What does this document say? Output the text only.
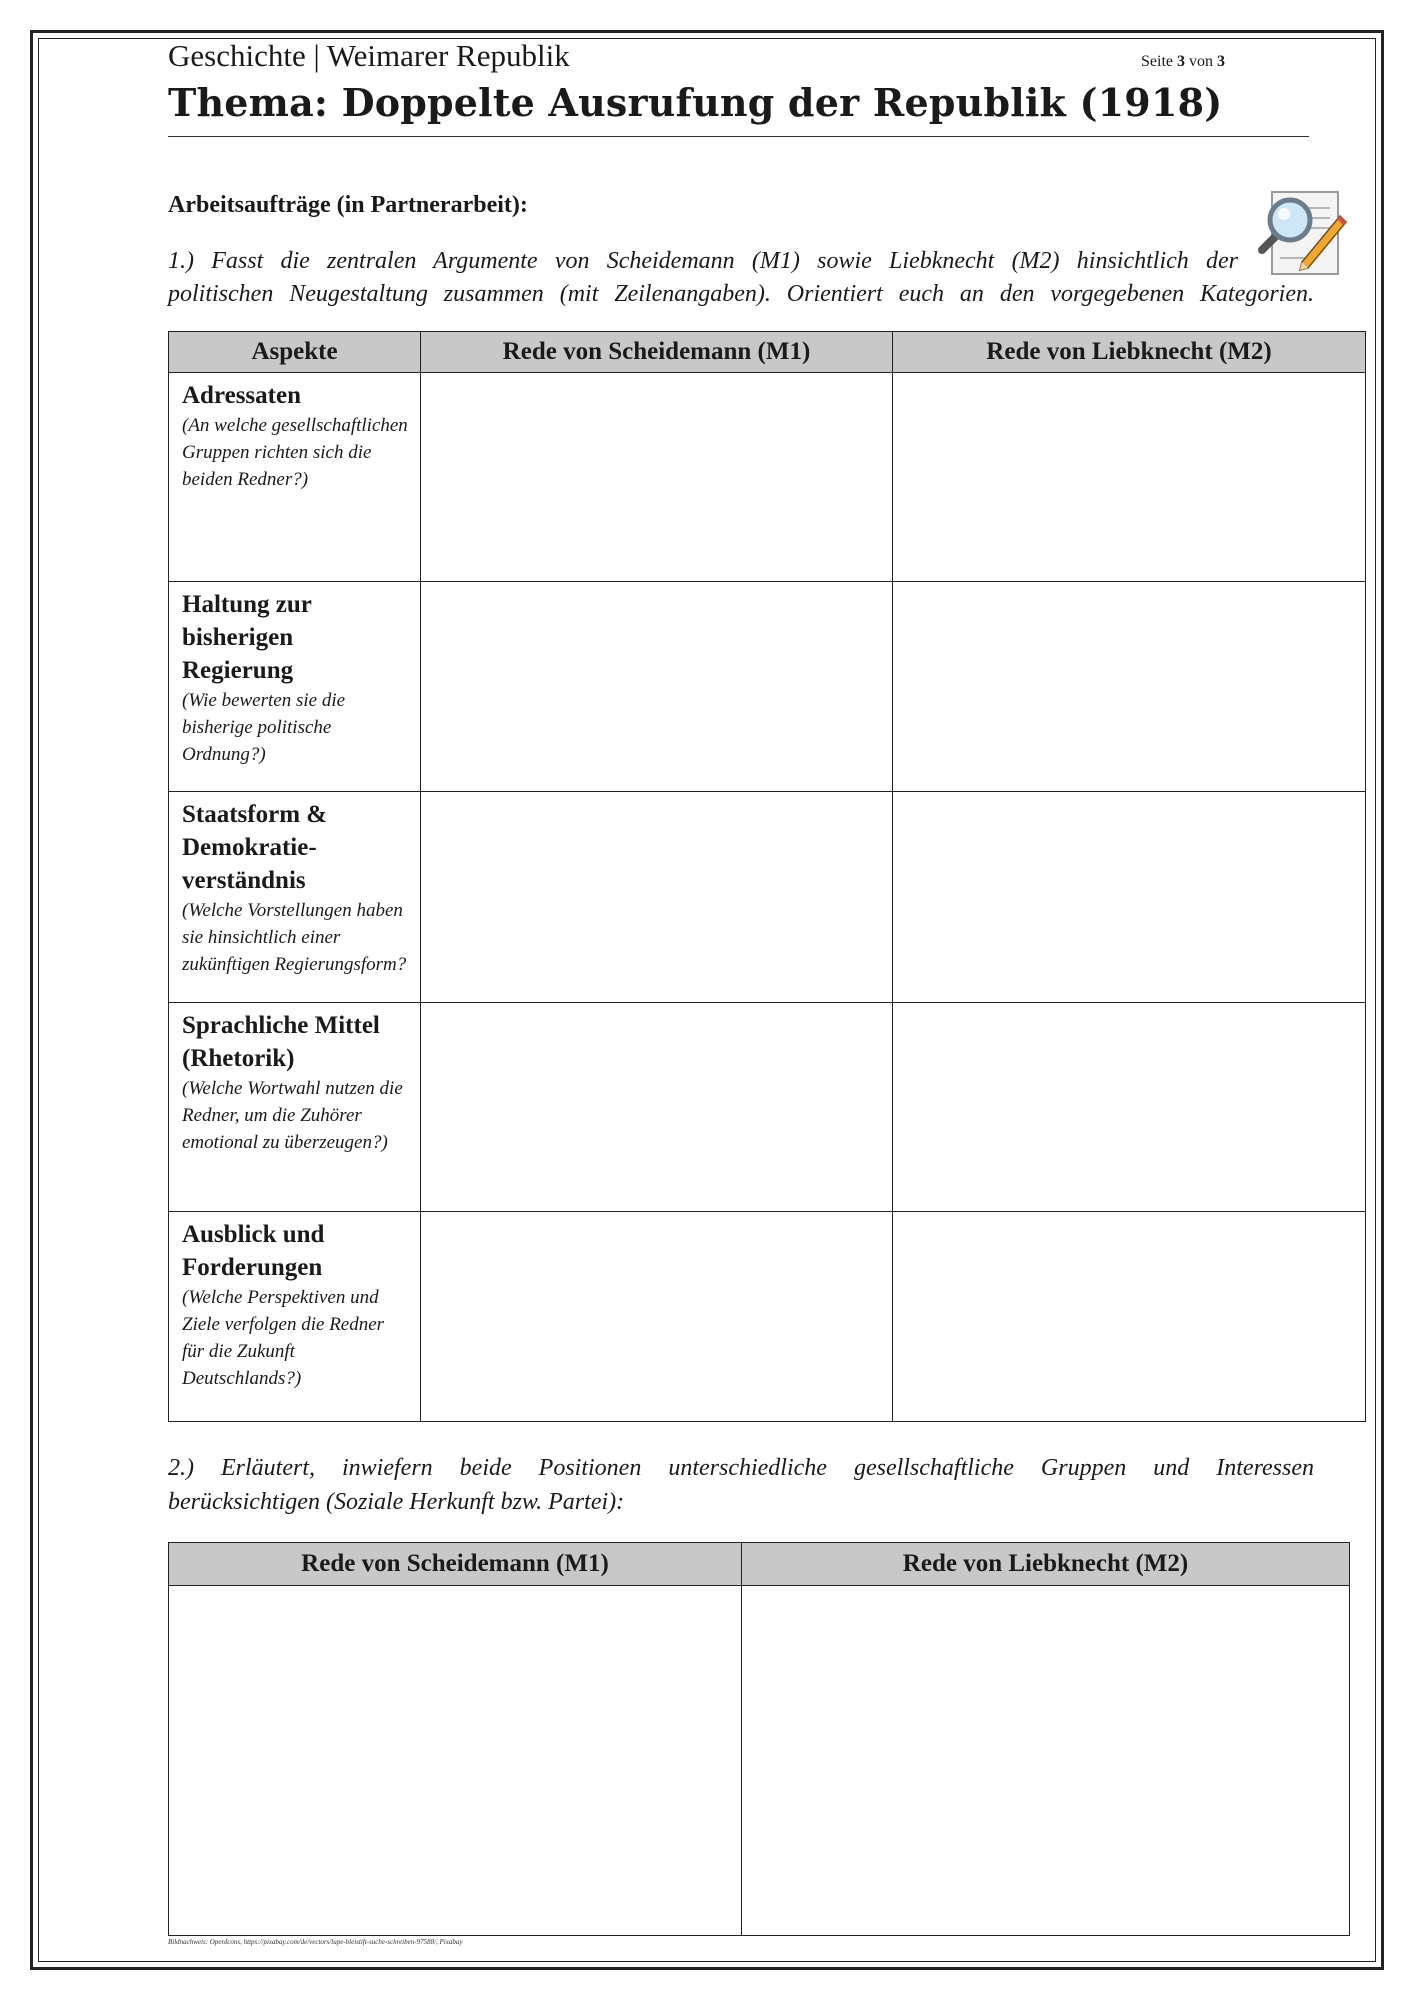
Geschichte | Weimarer Republik	Seite 3 von 3
Thema: Doppelte Ausrufung der Republik (1918)
Arbeitsaufträge (in Partnerarbeit):
1.) Fasst die zentralen Argumente von Scheidemann (M1) sowie Liebknecht (M2) hinsichtlich der
politischen Neugestaltung zusammen (mit Zeilenangaben). Orientiert euch an den vorgegebenen Kategorien.
Aspekte	Rede von Scheidemann (M1)	Rede von Liebknecht (M2)

Adressaten
(An welche gesellschaftlichen Gruppen richten sich die beiden Redner?)		

Haltung zur bisherigen Regierung
(Wie bewerten sie die bisherige politische Ordnung?)		

Staatsform & Demokratie-verständnis
(Welche Vorstellungen haben sie hinsichtlich einer zukünftigen Regierungsform?		

Sprachliche Mittel (Rhetorik)
(Welche Wortwahl nutzen die Redner, um die Zuhörer emotional zu überzeugen?)		

Ausblick und Forderungen
(Welche Perspektiven und Ziele verfolgen die Redner für die Zukunft Deutschlands?)		

2.) Erläutert, inwiefern beide Positionen unterschiedliche gesellschaftliche Gruppen und Interessen
berücksichtigen (Soziale Herkunft bzw. Partei):
Rede von Scheidemann (M1)	Rede von Liebknecht (M2)

Bildnachweis: OpenIcons, https://pixabay.com/de/vectors/lupe-bleistift-suche-schreiben-97588/, Pixabay
